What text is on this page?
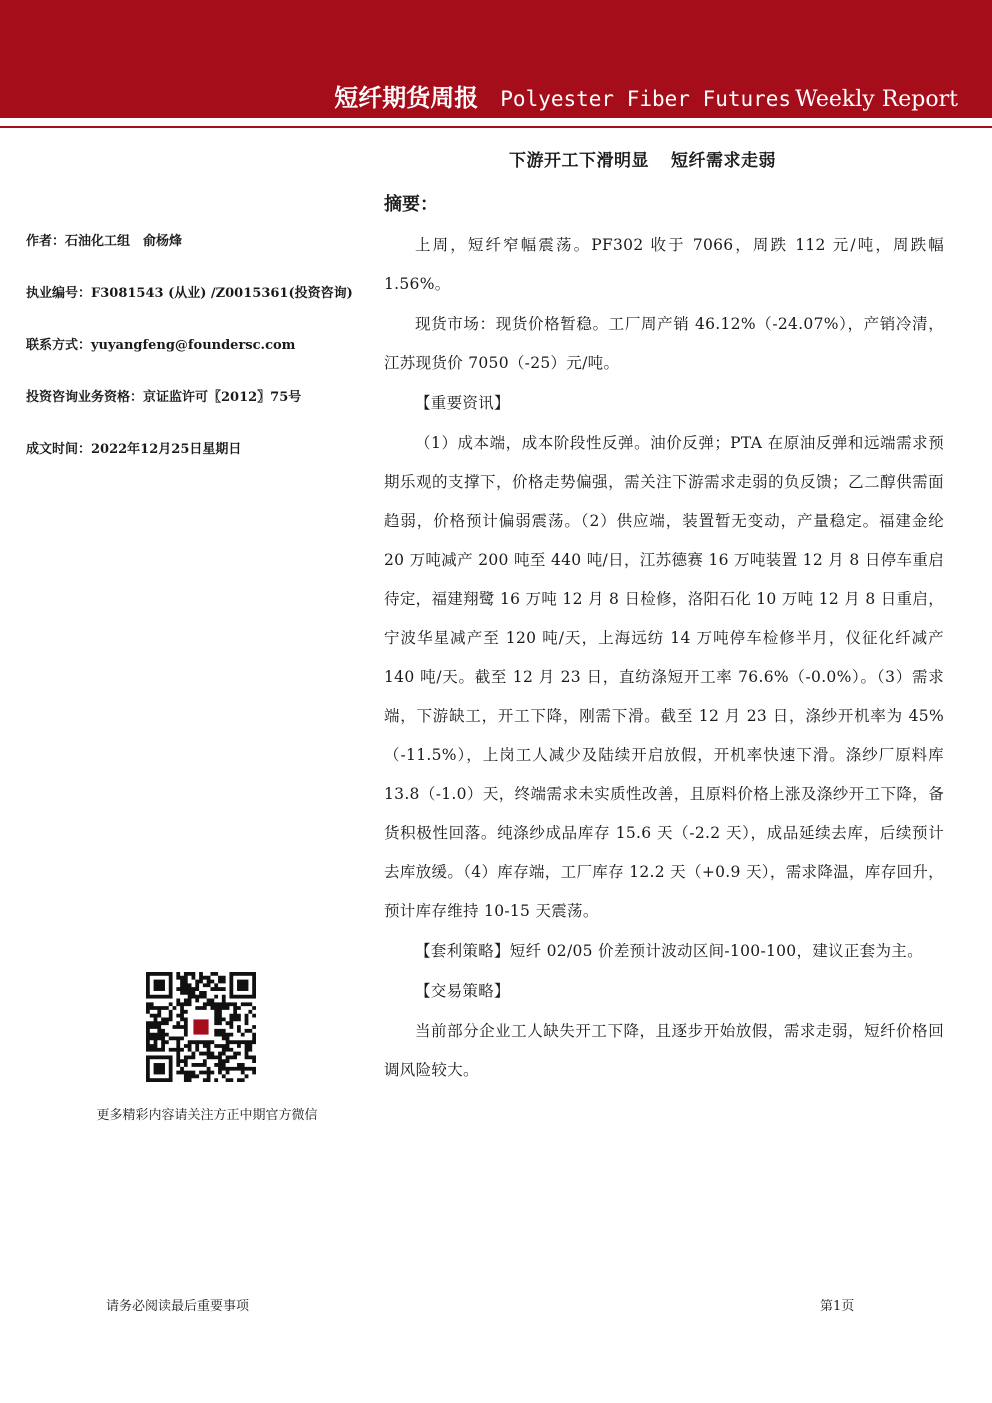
短纤期货周报 Polyester Fiber Futures Weekly Report
下游开工下滑明显 短纤需求走弱
作者：石油化工组　俞杨烽
执业编号：F3081543 (从业) /Z0015361(投资咨询)
联系方式：yuyangfeng@foundersc.com
投资咨询业务资格：京证监许可〖2012〗75号
成文时间：2022年12月25日星期日
更多精彩内容请关注方正中期官方微信
摘要：

上周，短纤窄幅震荡。PF302 收于 7066，周跌 112 元/吨，周跌幅 1.56%。

现货市场：现货价格暂稳。工厂周产销 46.12%（-24.07%），产销冷清，江苏现货价 7050（-25）元/吨。

【重要资讯】

（1）成本端，成本阶段性反弹。油价反弹；PTA 在原油反弹和远端需求预期乐观的支撑下，价格走势偏强，需关注下游需求走弱的负反馈；乙二醇供需面趋弱，价格预计偏弱震荡。（2）供应端，装置暂无变动，产量稳定。福建金纶 20 万吨减产 200 吨至 440 吨/日，江苏德赛 16 万吨装置 12 月 8 日停车重启待定，福建翔鹭 16 万吨 12 月 8 日检修，洛阳石化 10 万吨 12 月 8 日重启，宁波华星减产至 120 吨/天，上海远纺 14 万吨停车检修半月，仪征化纤减产 140 吨/天。截至 12 月 23 日，直纺涤短开工率 76.6%（-0.0%）。（3）需求端，下游缺工，开工下降，刚需下滑。截至 12 月 23 日，涤纱开机率为 45%（-11.5%），上岗工人减少及陆续开启放假，开机率快速下滑。涤纱厂原料库 13.8（-1.0）天，终端需求未实质性改善，且原料价格上涨及涤纱开工下降，备货积极性回落。纯涤纱成品库存 15.6 天（-2.2 天），成品延续去库，后续预计去库放缓。（4）库存端，工厂库存 12.2 天（+0.9 天），需求降温，库存回升，预计库存维持 10-15 天震荡。

【套利策略】短纤 02/05 价差预计波动区间-100-100，建议正套为主。

【交易策略】

当前部分企业工人缺失开工下降，且逐步开始放假，需求走弱，短纤价格回调风险较大。

请务必阅读最后重要事项	第1页
